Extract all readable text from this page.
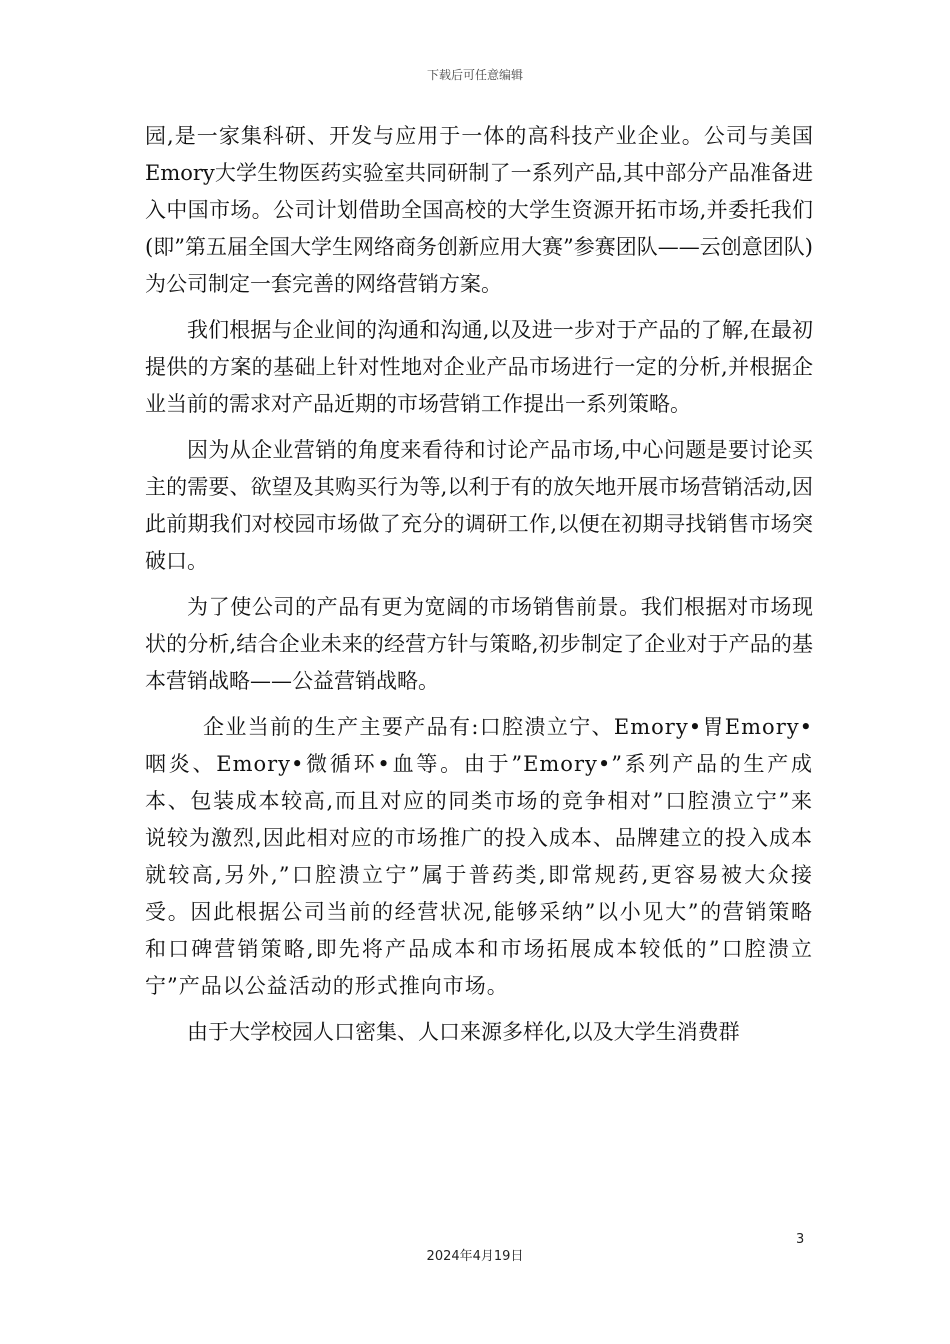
下载后可任意编辑

园,是一家集科研、开发与应用于一体的高科技产业企业。公司与美国Emory大学生物医药实验室共同研制了一系列产品,其中部分产品准备进入中国市场。公司计划借助全国高校的大学生资源开拓市场,并委托我们(即”第五届全国大学生网络商务创新应用大赛”参赛团队——云创意团队)为公司制定一套完善的网络营销方案。

我们根据与企业间的沟通和沟通,以及进一步对于产品的了解,在最初提供的方案的基础上针对性地对企业产品市场进行一定的分析,并根据企业当前的需求对产品近期的市场营销工作提出一系列策略。

因为从企业营销的角度来看待和讨论产品市场,中心问题是要讨论买主的需要、欲望及其购买行为等,以利于有的放矢地开展市场营销活动,因此前期我们对校园市场做了充分的调研工作,以便在初期寻找销售市场突破口。

为了使公司的产品有更为宽阔的市场销售前景。我们根据对市场现状的分析,结合企业未来的经营方针与策略,初步制定了企业对于产品的基本营销战略——公益营销战略。

企业当前的生产主要产品有:口腔溃立宁、Emory•胃Emory•咽炎、Emory•微循环•血等。由于”Emory•”系列产品的生产成本、包装成本较高,而且对应的同类市场的竞争相对”口腔溃立宁”来说较为激烈,因此相对应的市场推广的投入成本、品牌建立的投入成本就较高,另外,”口腔溃立宁”属于普药类,即常规药,更容易被大众接受。因此根据公司当前的经营状况,能够采纳”以小见大”的营销策略和口碑营销策略,即先将产品成本和市场拓展成本较低的”口腔溃立宁”产品以公益活动的形式推向市场。

由于大学校园人口密集、人口来源多样化,以及大学生消费群

3
2024年4月19日
